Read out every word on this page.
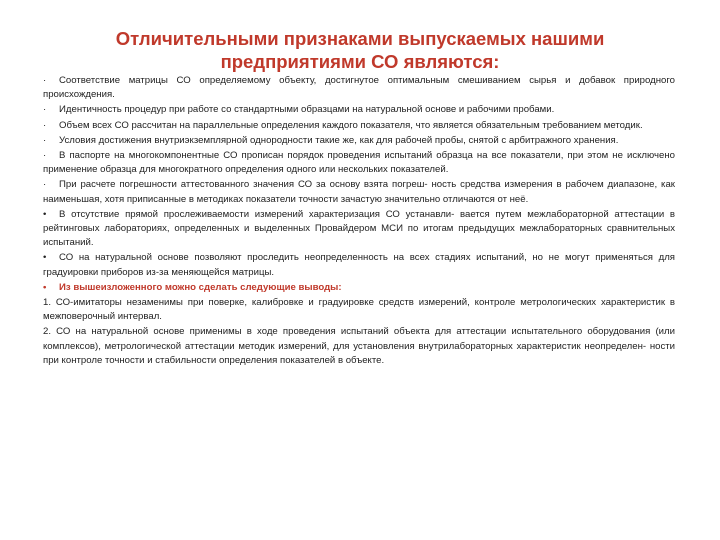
Отличительными признаками выпускаемых нашими предприятиями СО являются:

· Соответствие матрицы СО определяемому объекту, достигнутое оптимальным смешиванием сырья и добавок природного происхождения.

· Идентичность процедур при работе со стандартными образцами на натуральной основе и рабочими пробами.

· Объем всех СО рассчитан на параллельные определения каждого показателя, что является обязательным требованием методик.

· Условия достижения внутриэкземплярной однородности такие же, как для рабочей пробы, снятой с арбитражного хранения.

· В паспорте на многокомпонентные СО прописан порядок проведения испытаний образца на все показатели, при этом не исключено применение образца для многократного определения одного или нескольких показателей.

· При расчете погрешности аттестованного значения СО за основу взята погреш- ность средства измерения в рабочем диапазоне, как наименьшая, хотя приписанные в методиках показатели точности зачастую значительно отличаются от неё.

• В отсутствие прямой прослеживаемости измерений характеризация СО устанавли- вается путем межлабораторной аттестации в рейтинговых лабораториях, определенных и выделенных Провайдером МСИ по итогам предыдущих межлабораторных сравнительных испытаний.

• СО на натуральной основе позволяют проследить неопределенность на всех стадиях испытаний, но не могут применяться для градуировки приборов из-за меняющейся матрицы.

• Из вышеизложенного можно сделать следующие выводы:

1. СО-имитаторы незаменимы при поверке, калибровке и градуировке средств измерений, контроле метрологических характеристик в межповерочный интервал.

2. СО на натуральной основе применимы в ходе проведения испытаний объекта для аттестации испытательного оборудования (или комплексов), метрологической аттестации методик измерений, для установления внутрилабораторных характеристик неопределен- ности при контроле точности и стабильности определения показателей в объекте.
